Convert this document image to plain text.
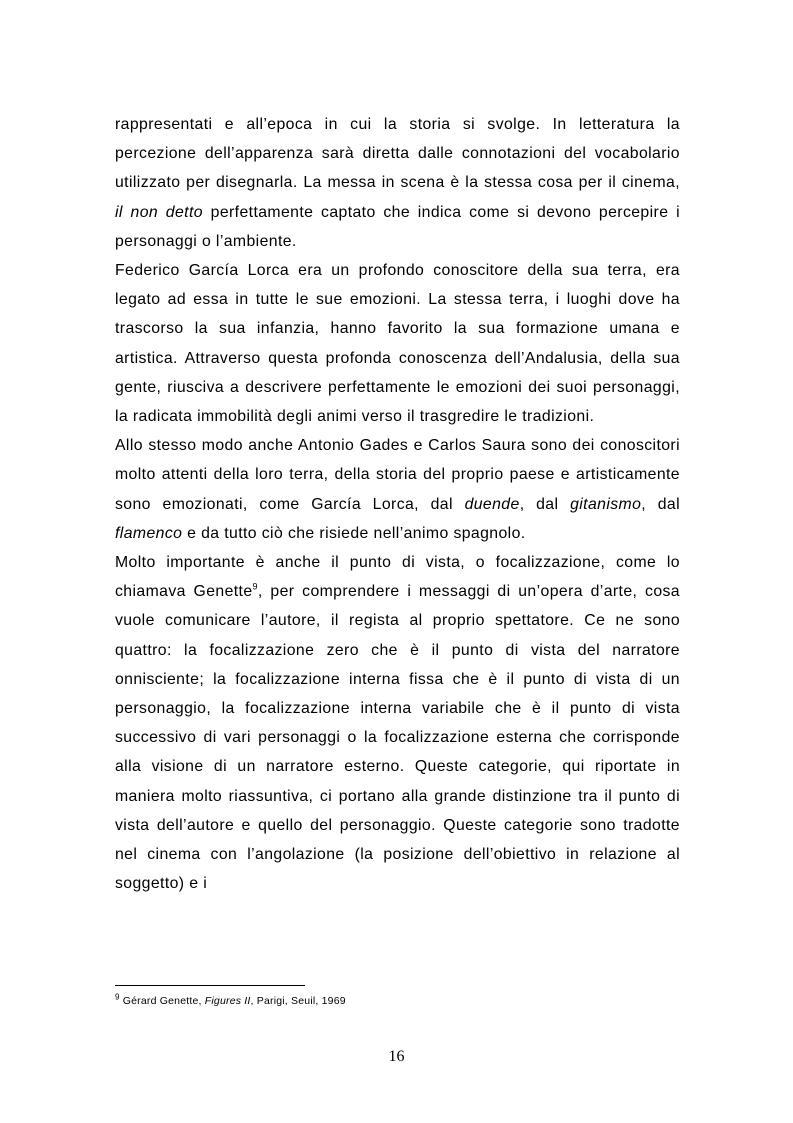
rappresentati e all’epoca in cui la storia si svolge. In letteratura la percezione dell’apparenza sarà diretta dalle connotazioni del vocabolario utilizzato per disegnarla. La messa in scena è la stessa cosa per il cinema, il non detto perfettamente captato che indica come si devono percepire i personaggi o l’ambiente.

Federico García Lorca era un profondo conoscitore della sua terra, era legato ad essa in tutte le sue emozioni. La stessa terra, i luoghi dove ha trascorso la sua infanzia, hanno favorito la sua formazione umana e artistica. Attraverso questa profonda conoscenza dell’Andalusia, della sua gente, riusciva a descrivere perfettamente le emozioni dei suoi personaggi, la radicata immobilità degli animi verso il trasgredire le tradizioni.

Allo stesso modo anche Antonio Gades e Carlos Saura sono dei conoscitori molto attenti della loro terra, della storia del proprio paese e artisticamente sono emozionati, come García Lorca, dal duende, dal gitanismo, dal flamenco e da tutto ciò che risiede nell’animo spagnolo.

Molto importante è anche il punto di vista, o focalizzazione, come lo chiamava Genette$^9$, per comprendere i messaggi di un’opera d’arte, cosa vuole comunicare l’autore, il regista al proprio spettatore. Ce ne sono quattro: la focalizzazione zero che è il punto di vista del narratore onnisciente; la focalizzazione interna fissa che è il punto di vista di un personaggio, la focalizzazione interna variabile che è il punto di vista successivo di vari personaggi o la focalizzazione esterna che corrisponde alla visione di un narratore esterno. Queste categorie, qui riportate in maniera molto riassuntiva, ci portano alla grande distinzione tra il punto di vista dell’autore e quello del personaggio. Queste categorie sono tradotte nel cinema con l’angolazione (la posizione dell’obiettivo in relazione al soggetto) e i

$^9$ Gérard Genette, Figures II, Parigi, Seuil, 1969
16
